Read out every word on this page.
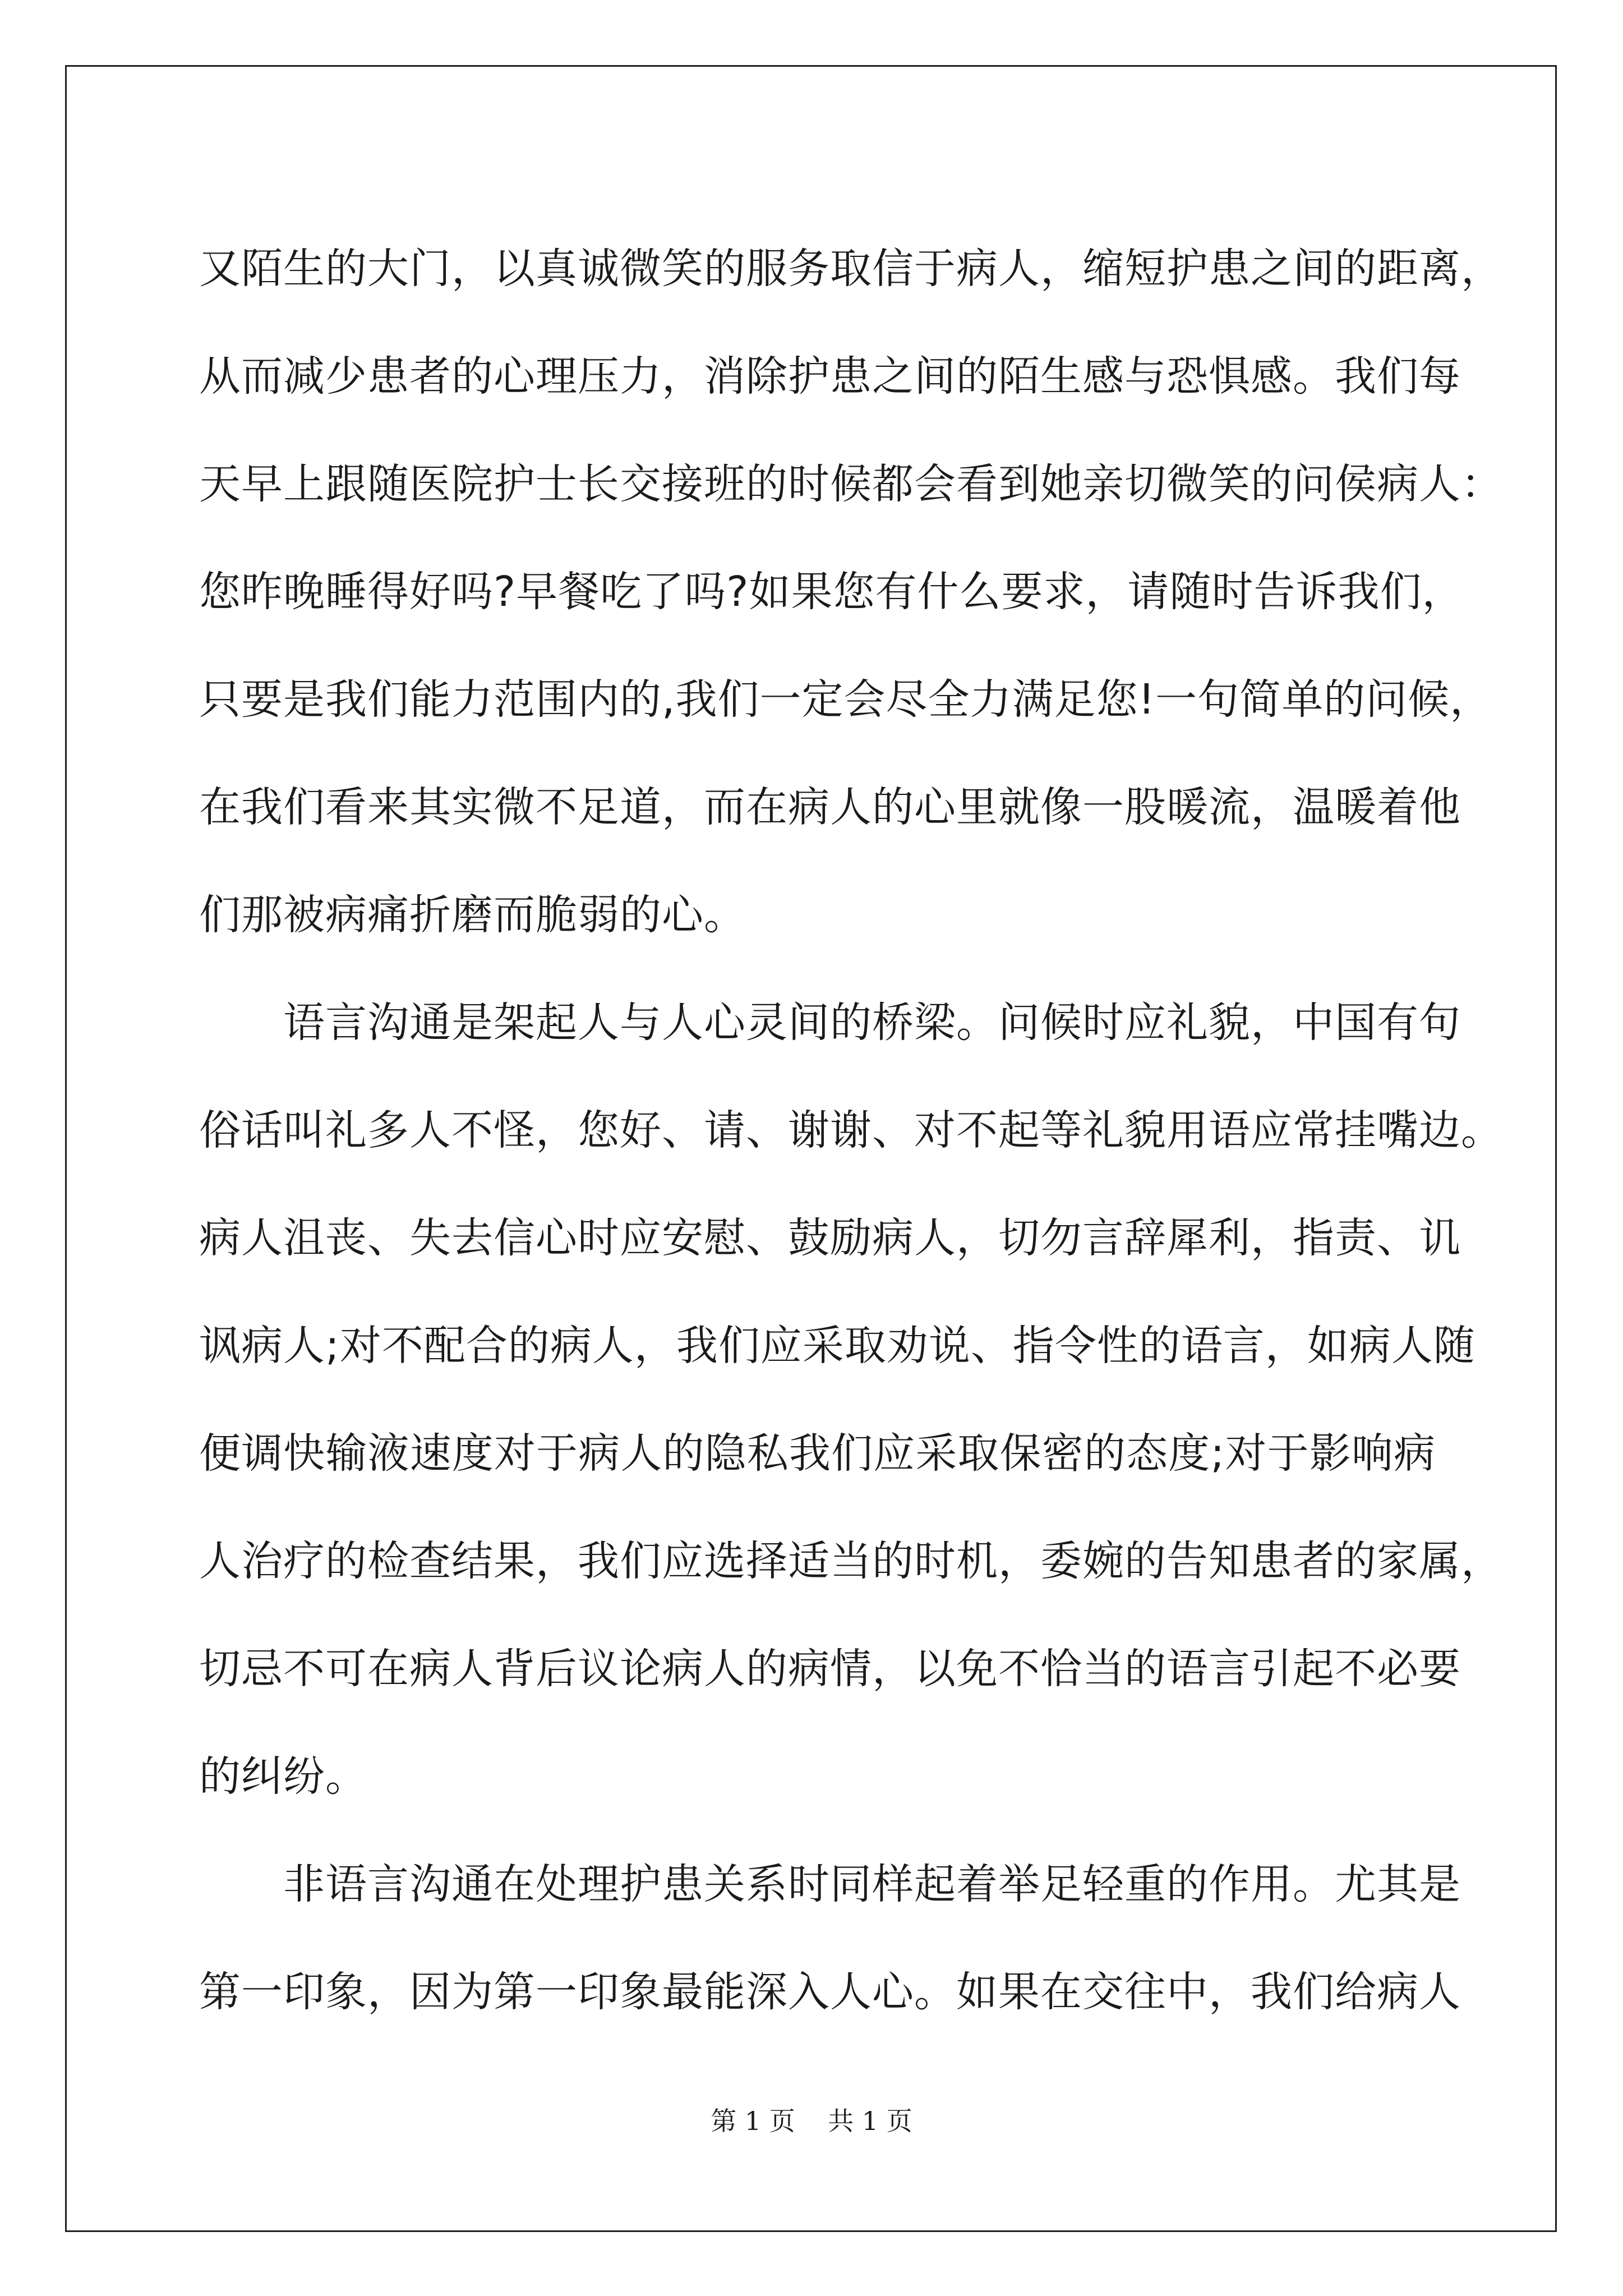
又陌生的大门，以真诚微笑的服务取信于病人，缩短护患之间的距离，
从而减少患者的心理压力，消除护患之间的陌生感与恐惧感。我们每
天早上跟随医院护士长交接班的时候都会看到她亲切微笑的问侯病人：
您昨晚睡得好吗?早餐吃了吗?如果您有什么要求，请随时告诉我们，
只要是我们能力范围内的,我们一定会尽全力满足您!一句简单的问候，
在我们看来其实微不足道，而在病人的心里就像一股暖流，温暖着他
们那被病痛折磨而脆弱的心。
语言沟通是架起人与人心灵间的桥梁。问候时应礼貌，中国有句
俗话叫礼多人不怪，您好、请、谢谢、对不起等礼貌用语应常挂嘴边。
病人沮丧、失去信心时应安慰、鼓励病人，切勿言辞犀利，指责、讥
讽病人;对不配合的病人，我们应采取劝说、指令性的语言，如病人随
便调快输液速度对于病人的隐私我们应采取保密的态度;对于影响病
人治疗的检查结果，我们应选择适当的时机，委婉的告知患者的家属，
切忌不可在病人背后议论病人的病情，以免不恰当的语言引起不必要
的纠纷。
非语言沟通在处理护患关系时同样起着举足轻重的作用。尤其是
第一印象，因为第一印象最能深入人心。如果在交往中，我们给病人
第 1 页 共 1 页
